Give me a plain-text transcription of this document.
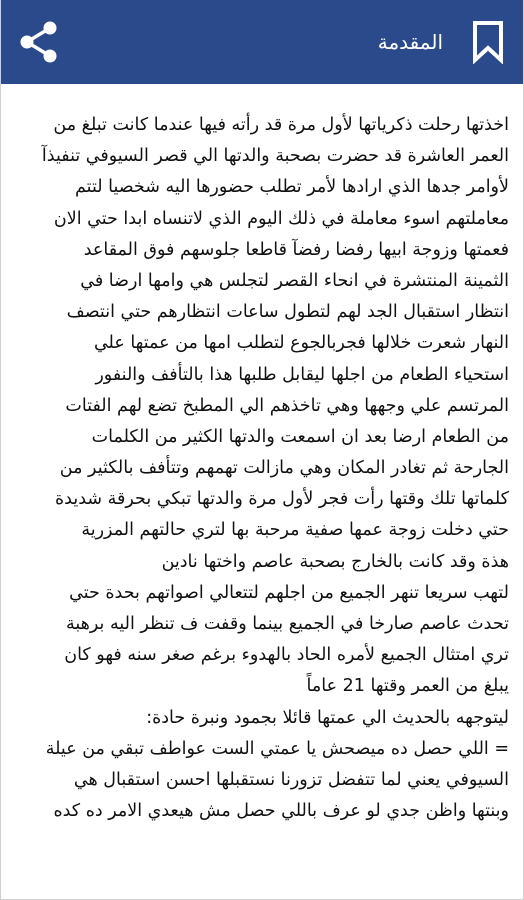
المقدمة
اخذتها رحلت ذكرياتها لأول مرة قد رأته فيها عندما كانت تبلغ من
العمر العاشرة قد حضرت بصحبة والدتها الي قصر السيوفي تنفيذآ
لأوامر جدها الذي ارادها لأمر تطلب حضورها اليه شخصيا لتتم
معاملتهم اسوء معاملة في ذلك اليوم الذي لاتنساه ابدا حتي الان
فعمتها وزوجة ابيها رفضا رفضآ قاطعا جلوسهم فوق المقاعد
الثمينة المنتشرة في انحاء القصر لتجلس هي وامها ارضا في
انتظار استقبال الجد لهم لتطول ساعات انتظارهم حتي انتصف
النهار شعرت خلالها فجربالجوع لتطلب امها من عمتها علي
استحياء الطعام من اجلها ليقابل طلبها هذا بالتأفف والنفور
المرتسم علي وجهها وهي تاخذهم الي المطبخ تضع لهم الفتات
من الطعام ارضا بعد ان اسمعت والدتها الكثير من الكلمات
الجارحة ثم تغادر المكان وهي مازالت تهمهم وتتأفف بالكثير من
كلماتها تلك وقتها رأت فجر لأول مرة والدتها تبكي بحرقة شديدة
حتي دخلت زوجة عمها صفية مرحبة بها لتري حالتهم المزرية
هذة وقد كانت بالخارج بصحبة عاصم واختها نادين
لتهب سريعا تنهر الجميع من اجلهم لتتعالي اصواتهم بحدة حتي
تحدث عاصم صارخا في الجميع بينما وقفت ف تنظر اليه برهبة
تري امتثال الجميع لأمره الحاد بالهدوء برغم صغر سنه فهو كان
يبلغ من العمر وقتها 21 عاماً
ليتوجهه بالحديث الي عمتها قائلا بجمود ونبرة حادة:
= اللي حصل ده ميصحش يا عمتي الست عواطف تبقي من عيلة
السيوفي يعني لما تتفضل تزورنا نستقبلها احسن استقبال هي
وبنتها واظن جدي لو عرف باللي حصل مش هيعدي الامر ده كده
